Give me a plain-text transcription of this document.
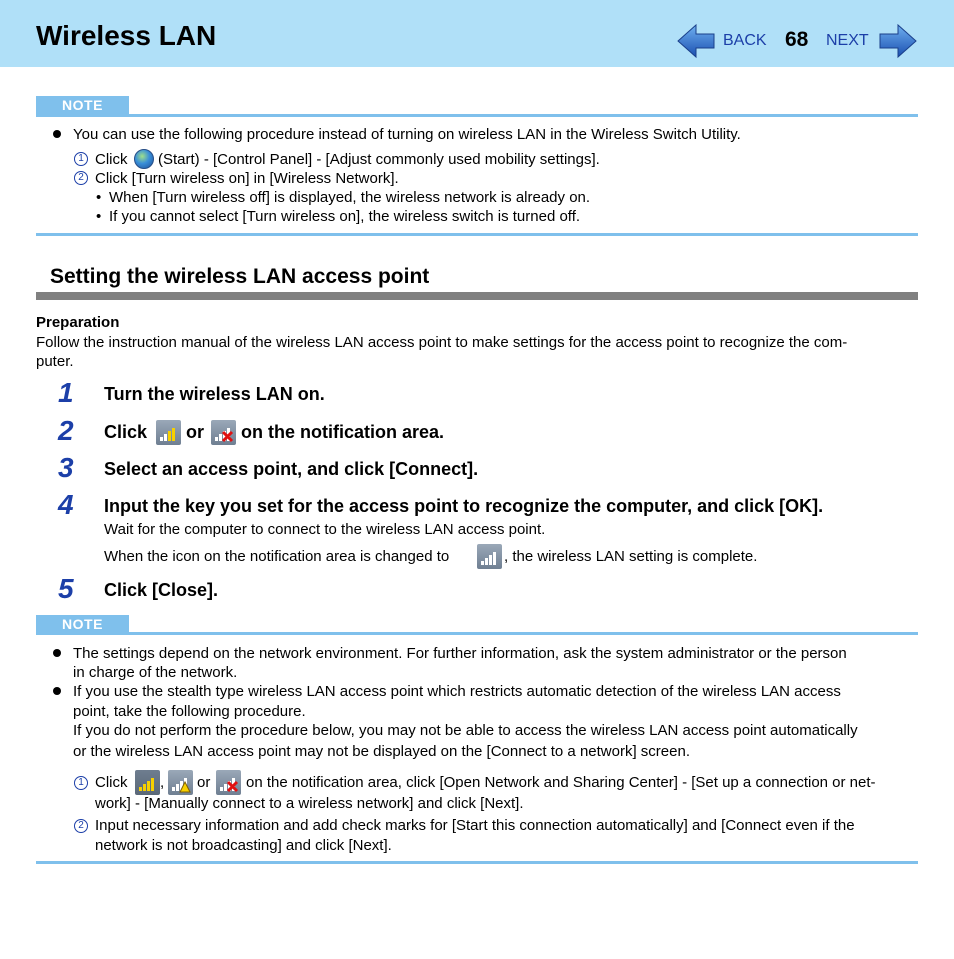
Wireless LAN	BACK 68 NEXT
NOTE
You can use the following procedure instead of turning on wireless LAN in the Wireless Switch Utility.
1 Click (Start) - [Control Panel] - [Adjust commonly used mobility settings].
2 Click [Turn wireless on] in [Wireless Network].
• When [Turn wireless off] is displayed, the wireless network is already on.
• If you cannot select [Turn wireless on], the wireless switch is turned off.
Setting the wireless LAN access point
Preparation
Follow the instruction manual of the wireless LAN access point to make settings for the access point to recognize the com-
puter.
1 Turn the wireless LAN on.
2 Click or on the notification area.
3 Select an access point, and click [Connect].
4 Input the key you set for the access point to recognize the computer, and click [OK].
Wait for the computer to connect to the wireless LAN access point.
When the icon on the notification area is changed to	, the wireless LAN setting is complete.
5 Click [Close].
NOTE
The settings depend on the network environment. For further information, ask the system administrator or the person
in charge of the network.
If you use the stealth type wireless LAN access point which restricts automatic detection of the wireless LAN access
point, take the following procedure.
If you do not perform the procedure below, you may not be able to access the wireless LAN access point automatically
or the wireless LAN access point may not be displayed on the [Connect to a network] screen.
1 Click , or on the notification area, click [Open Network and Sharing Center] - [Set up a connection or net-
work] - [Manually connect to a wireless network] and click [Next].
2 Input necessary information and add check marks for [Start this connection automatically] and [Connect even if the
network is not broadcasting] and click [Next].
